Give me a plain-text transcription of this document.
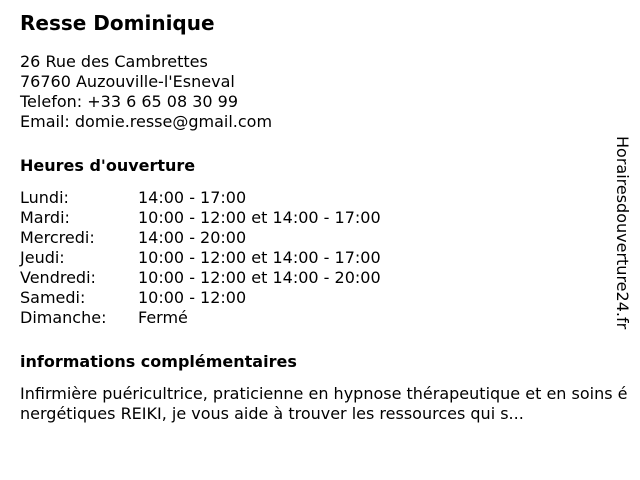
Resse Dominique
26 Rue des Cambrettes
76760 Auzouville-l'Esneval
Telefon: +33 6 65 08 30 99
Email: domie.resse@gmail.com
Heures d'ouverture
Lundi:	14:00 - 17:00
Mardi:	10:00 - 12:00 et 14:00 - 17:00
Mercredi:	14:00 - 20:00
Jeudi:	10:00 - 12:00 et 14:00 - 17:00
Vendredi:	10:00 - 12:00 et 14:00 - 20:00
Samedi:	10:00 - 12:00
Dimanche:	Fermé
informations complémentaires
Infirmière puéricultrice, praticienne en hypnose thérapeutique et en soins énergétiques REIKI, je vous aide à trouver les ressources qui s...
Horairesdouverture24.fr
